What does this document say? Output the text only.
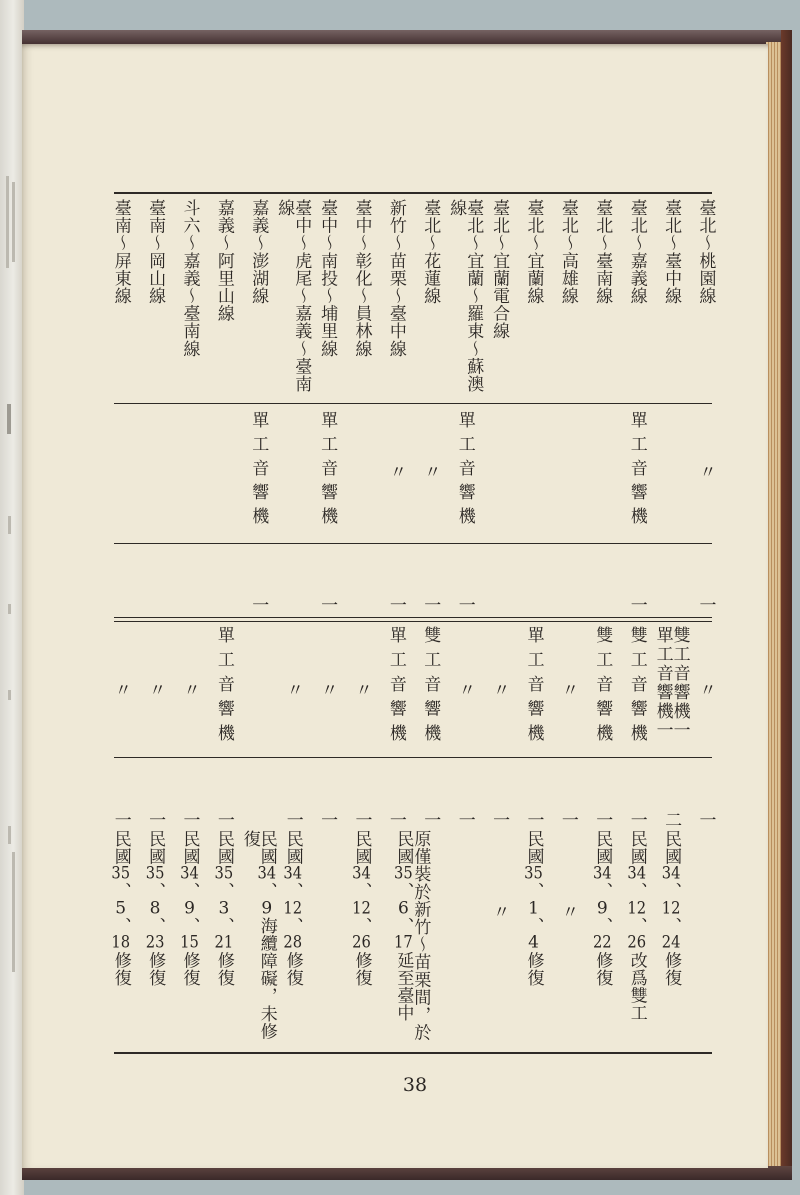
臺北〜桃園線
〃
一
〃
一
臺北〜臺中線
雙工音響機一
單工音響機一
二
民國34、12、24修復
臺北〜嘉義線
單工音響機
一
雙工音響機
一
民國34、12、26改爲雙工
臺北〜臺南線
雙工音響機
一
民國34、9、22修復
臺北〜高雄線
〃
一
〃
臺北〜宜蘭線
單工音響機
一
民國35、1、4修復
臺北〜宜蘭電合線
〃
一
〃
臺北〜宜蘭〜羅東〜蘇澳線
單工音響機
一
〃
一
臺北〜花蓮線
〃
一
雙工音響機
一
新竹〜苗栗〜臺中線
〃
一
單工音響機
一
原僅裝於新竹〜苗栗間，於民國35、6、17延至臺中
臺中〜彰化〜員林線
〃
一
民國34、12、26修復
臺中〜南投〜埔里線
單工音響機
一
〃
一
臺中〜虎尾〜嘉義〜臺南線
〃
一
民國34、12、28修復
嘉義〜澎湖線
單工音響機
一
民國34、9海纜障礙，未修復
嘉義〜阿里山線
單工音響機
一
民國35、3、21修復
斗六〜嘉義〜臺南線
〃
一
民國34、9、15修復
臺南〜岡山線
〃
一
民國35、8、23修復
臺南〜屏東線
〃
一
民國35、5、18修復
38
